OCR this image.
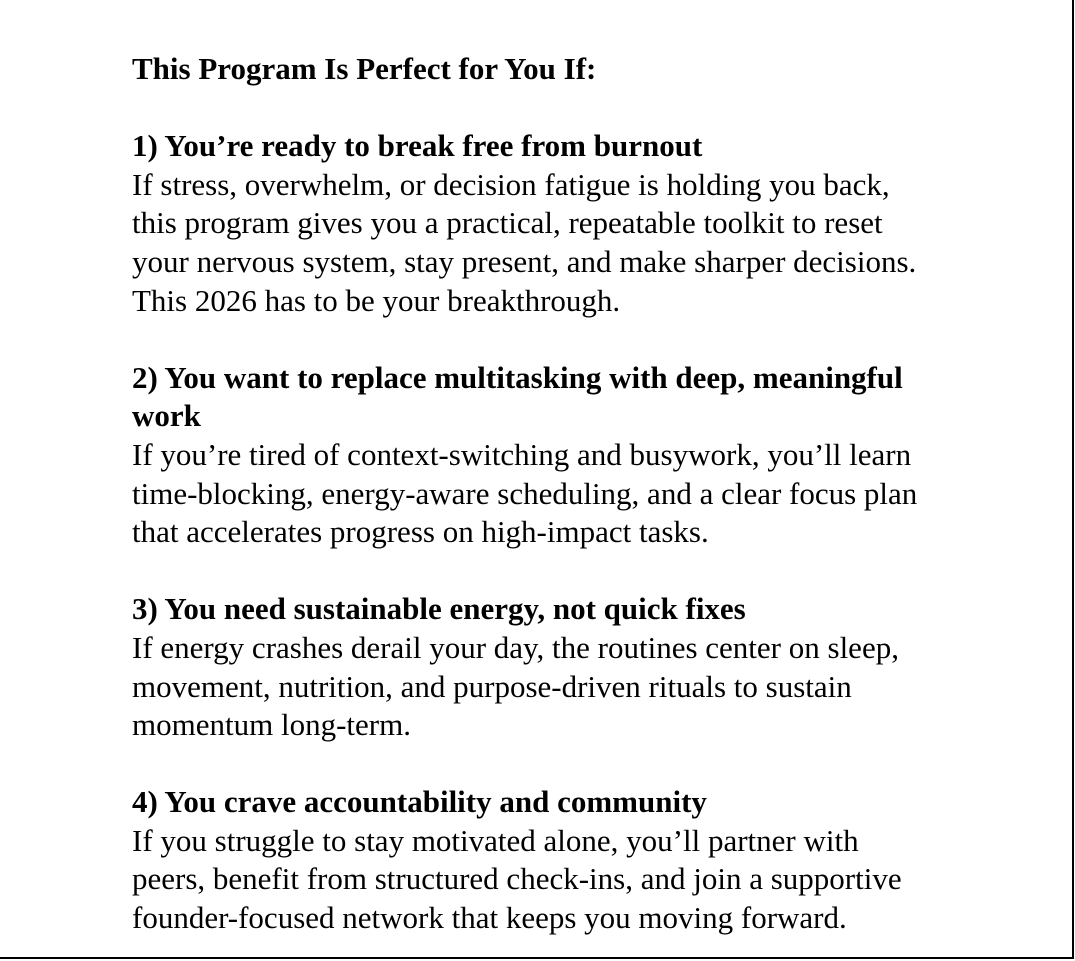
This Program Is Perfect for You If:
1) You’re ready to break free from burnout
If stress, overwhelm, or decision fatigue is holding you back,
this program gives you a practical, repeatable toolkit to reset
your nervous system, stay present, and make sharper decisions.
This 2026 has to be your breakthrough.
2) You want to replace multitasking with deep, meaningful
work
If you’re tired of context-switching and busywork, you’ll learn
time-blocking, energy-aware scheduling, and a clear focus plan
that accelerates progress on high-impact tasks.
3) You need sustainable energy, not quick fixes
If energy crashes derail your day, the routines center on sleep,
movement, nutrition, and purpose-driven rituals to sustain
momentum long-term.
4) You crave accountability and community
If you struggle to stay motivated alone, you’ll partner with
peers, benefit from structured check-ins, and join a supportive
founder-focused network that keeps you moving forward.
